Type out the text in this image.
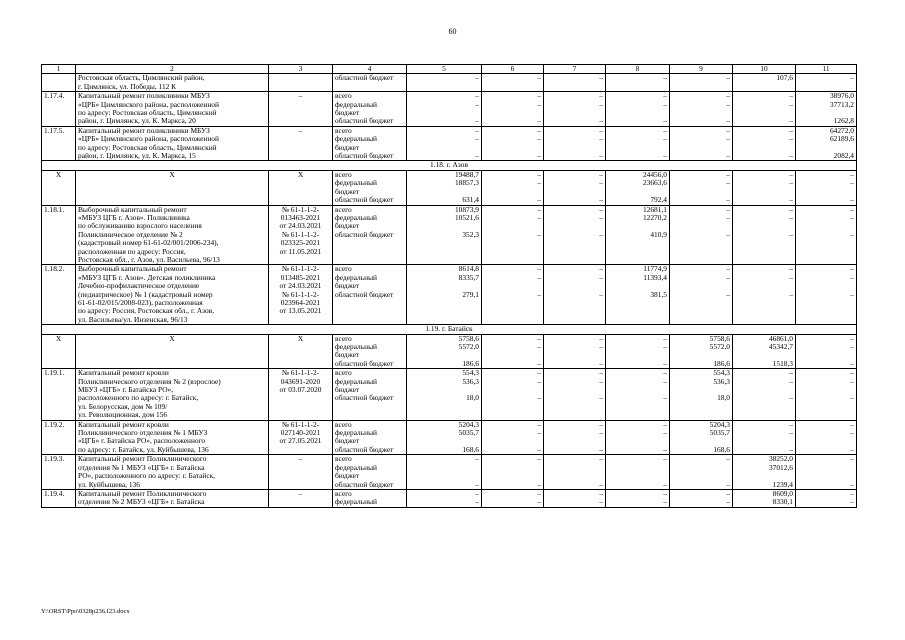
60
1	2	3	4	5	6	7	8	9	10	11
	Ростовская область, Цимлянский район,		областной бюджет	–	–	–	–	–	107,6	–
	г. Цимлянск, ул. Победы, 112 К									
1.17.4.	Капитальный ремонт поликлиники МБУЗ	–	всего	–	–	–	–	–	–	38976,0
	«ЦРБ» Цимлянского района, расположенной		федеральный	–	–	–	–	–	–	37713,2
	по адресу: Ростовская область, Цимлянский		бюджет							
	район, г. Цимлянск, ул. К. Маркса, 20		областной бюджет	–	–	–	–	–	–	1262,8
1.17.5.	Капитальный ремонт поликлиники МБУЗ	–	всего	–	–	–	–	–	–	64272,0
	«ЦРБ» Цимлянского района, расположенной		федеральный	–	–	–	–	–	–	62189,6
	по адресу: Ростовская область, Цимлянский		бюджет							
	район, г. Цимлянск, ул. К. Маркса, 15		областной бюджет	–	–	–	–	–	–	2082,4
1.18. г. Азов										
Х	Х	Х	всего	19488,7	–	–	24456,0	–	–	–
			федеральный	18857,3	–	–	23663,6	–	–	–
			бюджет							
			областной бюджет	631,4	–	–	792,4	–	–	–
1.18.1.	Выборочный капитальный ремонт	№ 61-1-1-2-	всего	10873,9	–	–	12681,1	–	–	–
	«МБУЗ ЦГБ г. Азов». Поликлиника	013463-2021	федеральный	10521,6	–	–	12270,2	–	–	–
	по обслуживанию взрослого населения	от 24.03.2021	бюджет							
	Поликлиническое отделение № 2	№ 61-1-1-2-	областной бюджет	352,3	–	–	410,9	–	–	–
	(кадастровый номер 61-61-02/001/2006-234),	023325-2021								
	расположенная по адресу: Россия,	от 11.05.2021								
	Ростовская обл., г. Азов, ул. Васильева, 96/13									
1.18.2.	Выборочный капитальный ремонт	№ 61-1-1-2-	всего	8614,8	–	–	11774,9	–	–	–
	«МБУЗ ЦГБ г. Азов». Детская поликлиника	013485-2021	федеральный	8335,7	–	–	11393,4	–	–	–
	Лечебно-профилактическое отделение	от 24.03.2021	бюджет							
	(педиатрическое) № 1 (кадастровый номер	№ 61-1-1-2-	областной бюджет	279,1	–	–	381,5	–	–	–
	61-61-02/015/2008-023), расположенная	023964-2021								
	по адресу: Россия, Ростовская обл., г. Азов,	от 13.05.2021								
	ул. Васильева/ул. Инзенская, 96/13									
1.19. г. Батайск										
Х	Х	Х	всего	5758,6	–	–	–	5758,6	46861,0	–
			федеральный	5572,0	–	–	–	5572,0	45342,7	–
			бюджет							
			областной бюджет	186,6	–	–	–	186,6	1518,3	–
1.19.1.	Капитальный ремонт кровли	№ 61-1-1-2-	всего	554,3	–	–	–	554,3	–	–
	Поликлинического отделения № 2 (взрослое)	043691-2020	федеральный	536,3	–	–	–	536,3	–	–
	МБУЗ «ЦГБ» г. Батайска РО»,	от 03.07.2020	бюджет							
	расположенного по адресу: г. Батайск,		областной бюджет	18,0	–	–	–	18,0	–	–
	ул. Белорусская, дом № 109/									
	ул. Революционная, дом 156									
1.19.2.	Капитальный ремонт кровли	№ 61-1-1-2-	всего	5204,3	–	–	–	5204,3	–	–
	Поликлинического отделения № 1 МБУЗ	027140-2021	федеральный	5035,7	–	–	–	5035,7	–	–
	«ЦГБ» г. Батайска РО», расположенного	от 27.05.2021	бюджет							
	по адресу: г. Батайск, ул. Куйбышева, 136		областной бюджет	168,6	–	–	–	168,6	–	–
1.19.3.	Капитальный ремонт Поликлинического	–	всего	–	–	–	–	–	38252,0	–
	отделения № 1 МБУЗ «ЦГБ» г. Батайска		федеральный						37012,6	
	РО», расположенного по адресу: г. Батайск,		бюджет							
	ул. Куйбышева, 136		областной бюджет	–	–	–	–	–	1239,4	–
1.19.4.	Капитальный ремонт Поликлинического	–	всего	–	–	–	–	–	8609,0	–
	отделения № 2 МБУЗ «ЦГБ» г. Батайска		федеральный	–	–	–	–	–	8330,1	–
Y:\ORST\Ppo\0328p236.f23.docx
